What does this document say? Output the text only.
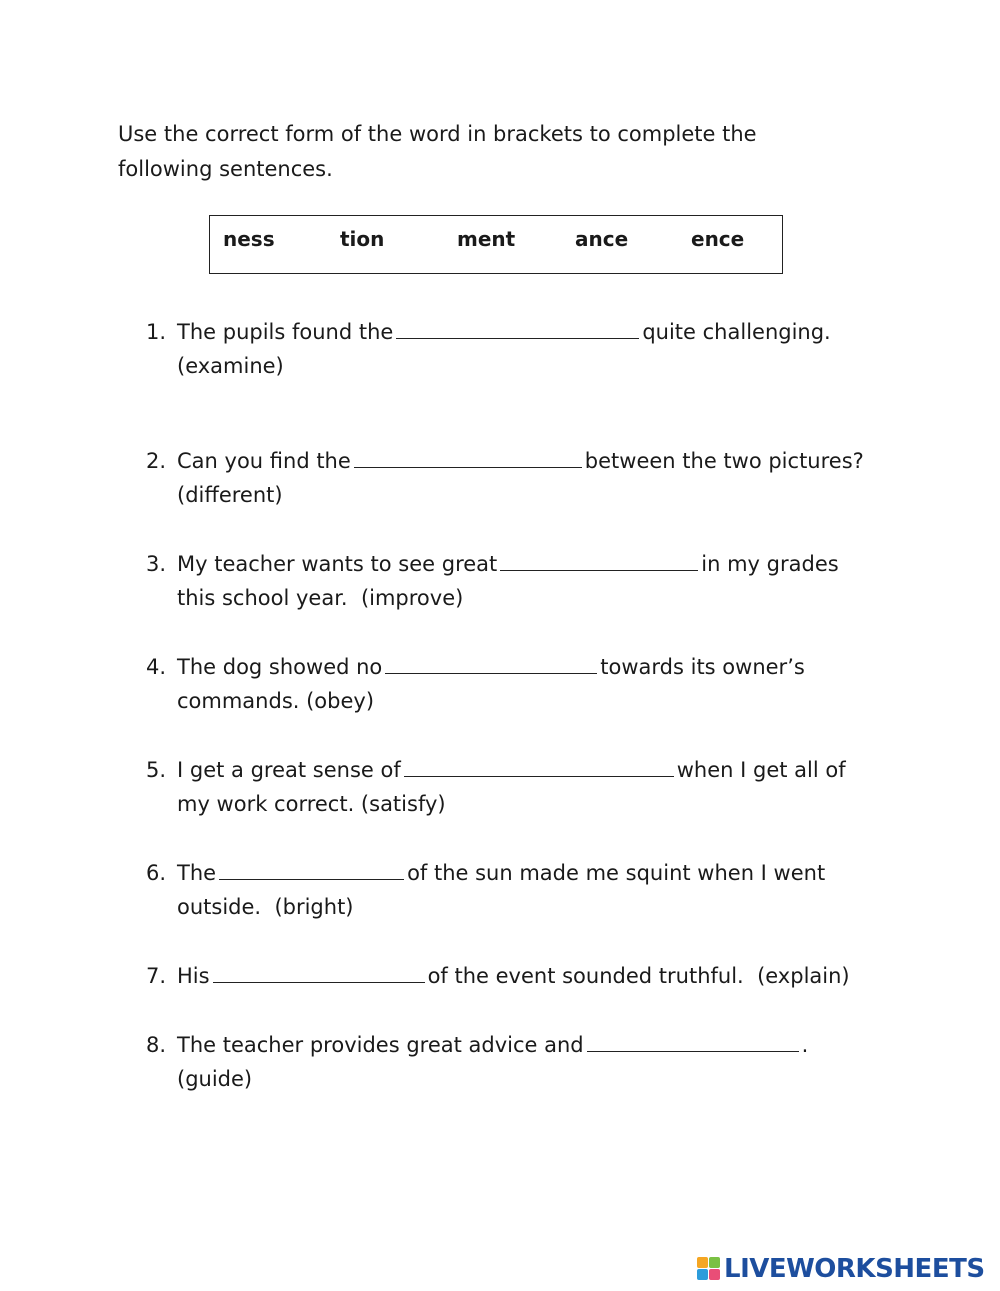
Use the correct form of the word in brackets to complete the
following sentences.

ness	tion	ment	ance	ence
1. The pupils found the	quite challenging.
(examine)
2. Can you find the	between the two pictures?
(different)
3. My teacher wants to see great	in my grades
this school year.  (improve)
4. The dog showed no	towards its owner’s
commands. (obey)
5. I get a great sense of	when I get all of
my work correct. (satisfy)
6. The	of the sun made me squint when I went
outside.  (bright)
7. His	of the event sounded truthful.  (explain)
8. The teacher provides great advice and	.
(guide)
LIVEWORKSHEETS
